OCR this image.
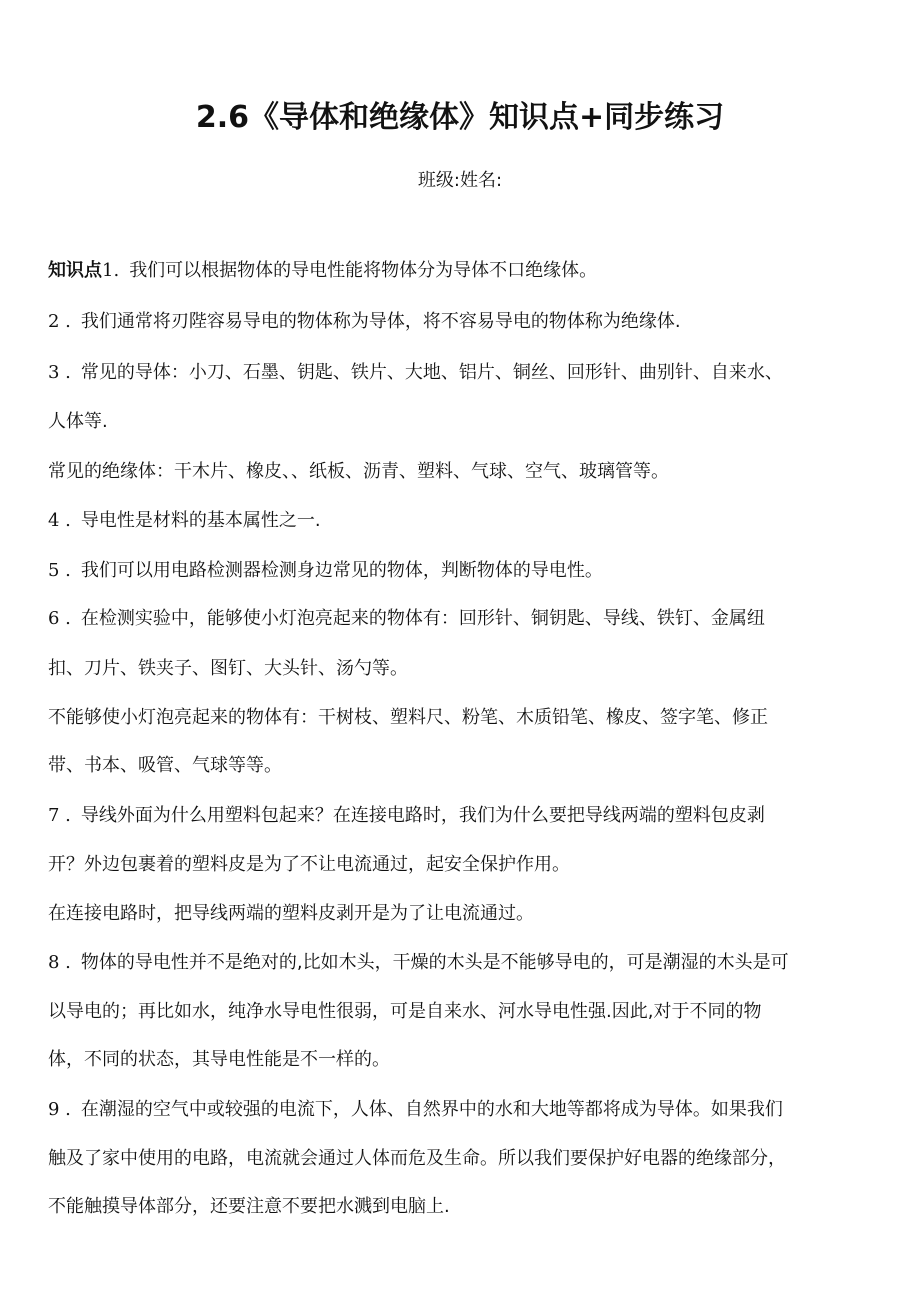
2.6《导体和绝缘体》知识点+同步练习

班级:姓名:

知识点1. 我们可以根据物体的导电性能将物体分为导体不口绝缘体。

2 . 我们通常将刃陛容易导电的物体称为导体，将不容易导电的物体称为绝缘体.

3 . 常见的导体：小刀、石墨、钥匙、铁片、大地、铝片、铜丝、回形针、曲别针、自来水、

人体等.

常见的绝缘体：干木片、橡皮、、纸板、沥青、塑料、气球、空气、玻璃管等。

4 . 导电性是材料的基本属性之一.

5 . 我们可以用电路检测器检测身边常见的物体，判断物体的导电性。

6 . 在检测实验中，能够使小灯泡亮起来的物体有：回形针、铜钥匙、导线、铁钉、金属纽

扣、刀片、铁夹子、图钉、大头针、汤勺等。

不能够使小灯泡亮起来的物体有：干树枝、塑料尺、粉笔、木质铅笔、橡皮、签字笔、修正

带、书本、吸管、气球等等。

7 . 导线外面为什么用塑料包起来？在连接电路时，我们为什么要把导线两端的塑料包皮剥

开？外边包裹着的塑料皮是为了不让电流通过，起安全保护作用。

在连接电路时，把导线两端的塑料皮剥开是为了让电流通过。

8 . 物体的导电性并不是绝对的,比如木头，干燥的木头是不能够导电的，可是潮湿的木头是可

以导电的；再比如水，纯净水导电性很弱，可是自来水、河水导电性强.因此,对于不同的物

体，不同的状态，其导电性能是不一样的。

9 . 在潮湿的空气中或较强的电流下，人体、自然界中的水和大地等都将成为导体。如果我们

触及了家中使用的电路，电流就会通过人体而危及生命。所以我们要保护好电器的绝缘部分，

不能触摸导体部分，还要注意不要把水溅到电脑上.
